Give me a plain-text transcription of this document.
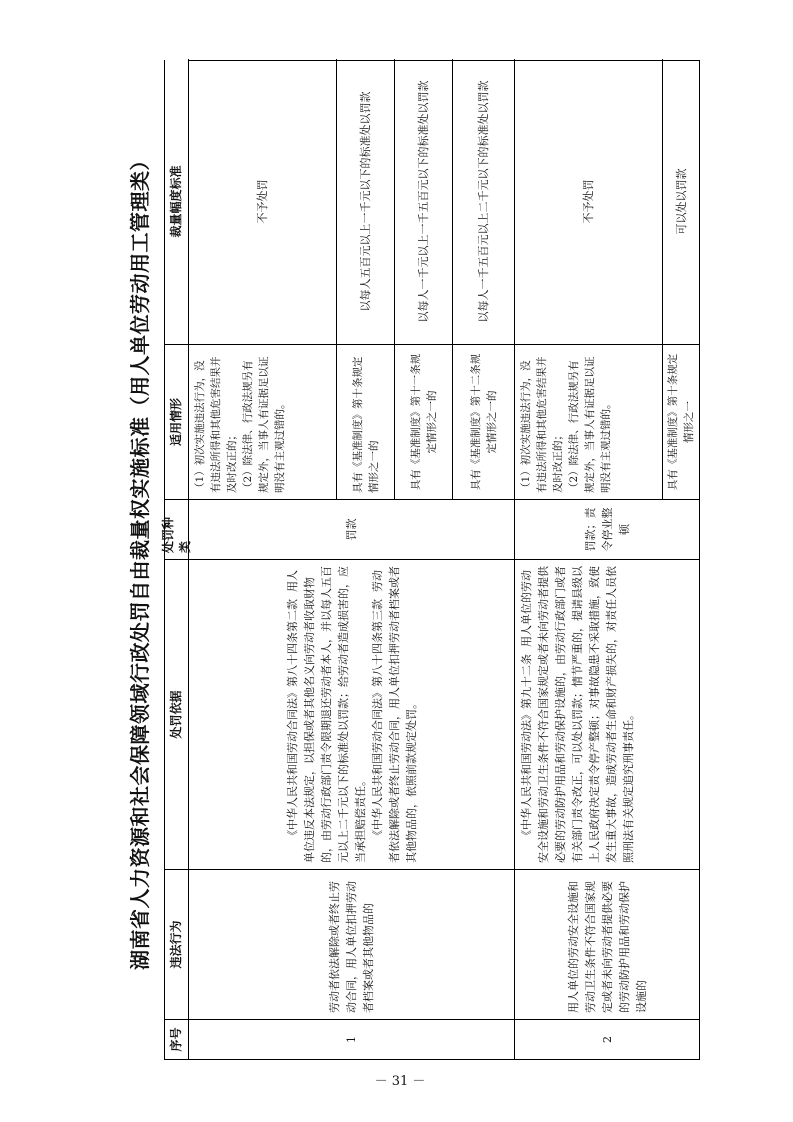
湖南省人力资源和社会保障领域行政处罚自由裁量权实施标准（用人单位劳动用工管理类）
序号
违法行为
处罚依据
处罚种类
适用情形
裁量幅度标准
1
劳动者依法解除或者终止劳动合同，用人单位扣押劳动者档案或者其他物品的

《中华人民共和国劳动合同法》第八十四条第二款  用人单位违反本法规定，以担保或者其他名义向劳动者收取财物的，由劳动行政部门责令限期退还劳动者本人，并以每人五百元以上二千元以下的标准处以罚款；给劳动者造成损害的，应当承担赔偿责任。 《中华人民共和国劳动合同法》第八十四条第三款  劳动者依法解除或者终止劳动合同，用人单位扣押劳动者档案或者其他物品的，依照前款规定处罚。

罚款
（1）初次实施违法行为，没有违法所得和其他危害结果并及时改正的；
（2）除法律、行政法规另有规定外，当事人有证据足以证明没有主观过错的。
不予处罚
具有《基准制度》第十条规定情形之一的
以每人五百元以上一千元以下的标准处以罚款
具有《基准制度》第十一条规定情形之一的
以每人一千元以上一千五百元以下的标准处以罚款
具有《基准制度》第十二条规定情形之一的
以每人一千五百元以上二千元以下的标准处以罚款
2
用人单位的劳动安全设施和劳动卫生条件不符合国家规定或者未向劳动者提供必要的劳动防护用品和劳动保护设施的

《中华人民共和国劳动法》第九十二条  用人单位的劳动安全设施和劳动卫生条件不符合国家规定或者未向劳动者提供必要的劳动防护用品和劳动保护设施的，由劳动行政部门或者有关部门责令改正，可以处以罚款；情节严重的，提请县级以上人民政府决定责令停产整顿；对事故隐患不采取措施，致使发生重大事故，造成劳动者生命和财产损失的，对责任人员依照刑法有关规定追究刑事责任。

罚款；责令停业整顿
（1）初次实施违法行为，没有违法所得和其他危害结果并及时改正的；
（2）除法律、行政法规另有规定外，当事人有证据足以证明没有主观过错的。
不予处罚
具有《基准制度》第十条规定情形之一
可以处以罚款
－ 31 －
